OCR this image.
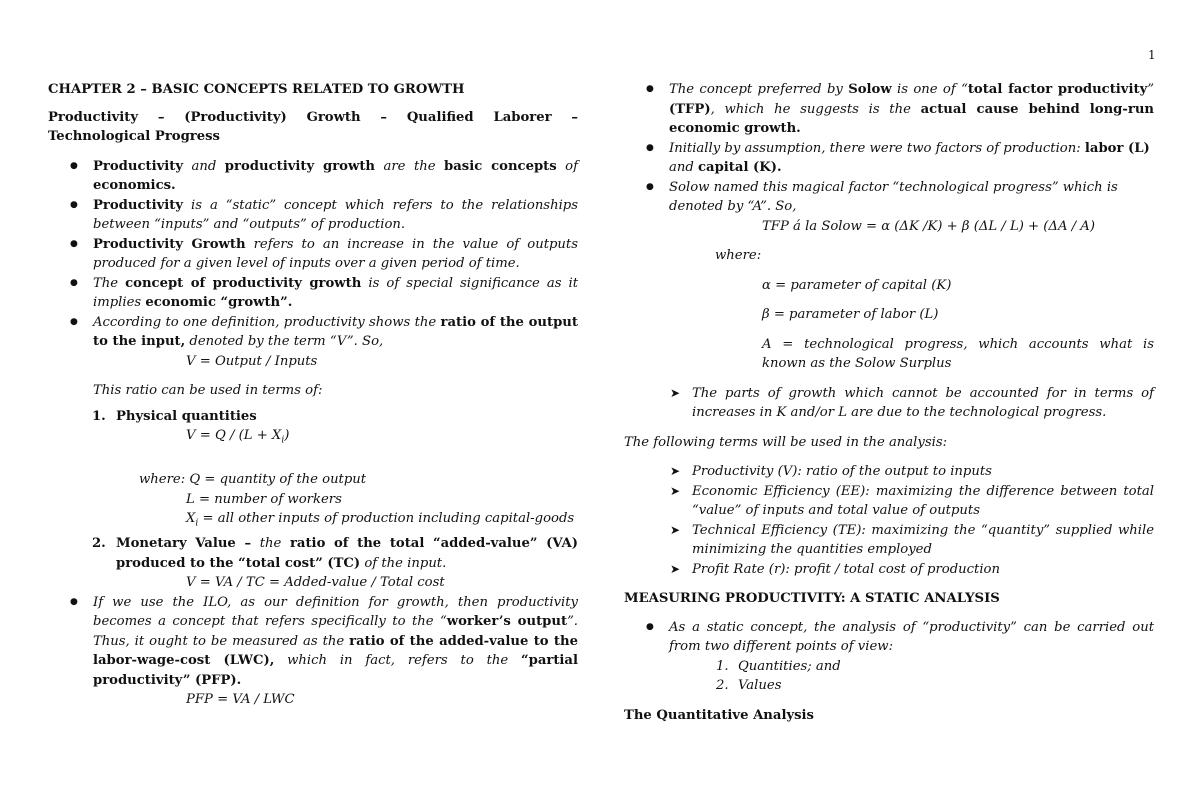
1
CHAPTER 2 – BASIC CONCEPTS RELATED TO GROWTH
Productivity – (Productivity) Growth – Qualified Laborer – Technological Progress
● Productivity and productivity growth are the basic concepts of economics.
● Productivity is a “static” concept which refers to the relationships between “inputs” and “outputs” of production.
● Productivity Growth refers to an increase in the value of outputs produced for a given level of inputs over a given period of time.
● The concept of productivity growth is of special significance as it implies economic “growth”.
● According to one definition, productivity shows the ratio of the output to the input, denoted by the term “V”. So,
V = Output / Inputs
This ratio can be used in terms of:
1. Physical quantities
$V = Q / (L + X_i)$
where: Q = quantity of the output
L = number of workers
$X_i$ = all other inputs of production including capital-goods
2. Monetary Value – the ratio of the total “added-value” (VA) produced to the “total cost” (TC) of the input.
V = VA / TC = Added-value / Total cost
● If we use the ILO, as our definition for growth, then productivity becomes a concept that refers specifically to the “worker’s output”. Thus, it ought to be measured as the ratio of the added-value to the labor-wage-cost (LWC), which in fact, refers to the “partial productivity” (PFP).
PFP = VA / LWC
● The concept preferred by Solow is one of “total factor productivity” (TFP), which he suggests is the actual cause behind long-run economic growth.
● Initially by assumption, there were two factors of production: labor (L) and capital (K).
● Solow named this magical factor “technological progress” which is denoted by “A”. So,
TFP á la Solow = α (ΔK /K) + β (ΔL / L) + (ΔA / A)
where:
α = parameter of capital (K)
β = parameter of labor (L)
A = technological progress, which accounts what is known as the Solow Surplus
➤ The parts of growth which cannot be accounted for in terms of increases in K and/or L are due to the technological progress.
The following terms will be used in the analysis:
➤ Productivity (V): ratio of the output to inputs
➤ Economic Efficiency (EE): maximizing the difference between total “value” of inputs and total value of outputs
➤ Technical Efficiency (TE): maximizing the “quantity” supplied while minimizing the quantities employed
➤ Profit Rate (r): profit / total cost of production
MEASURING PRODUCTIVITY: A STATIC ANALYSIS
● As a static concept, the analysis of “productivity” can be carried out from two different points of view:
1. Quantities; and
2. Values
The Quantitative Analysis
